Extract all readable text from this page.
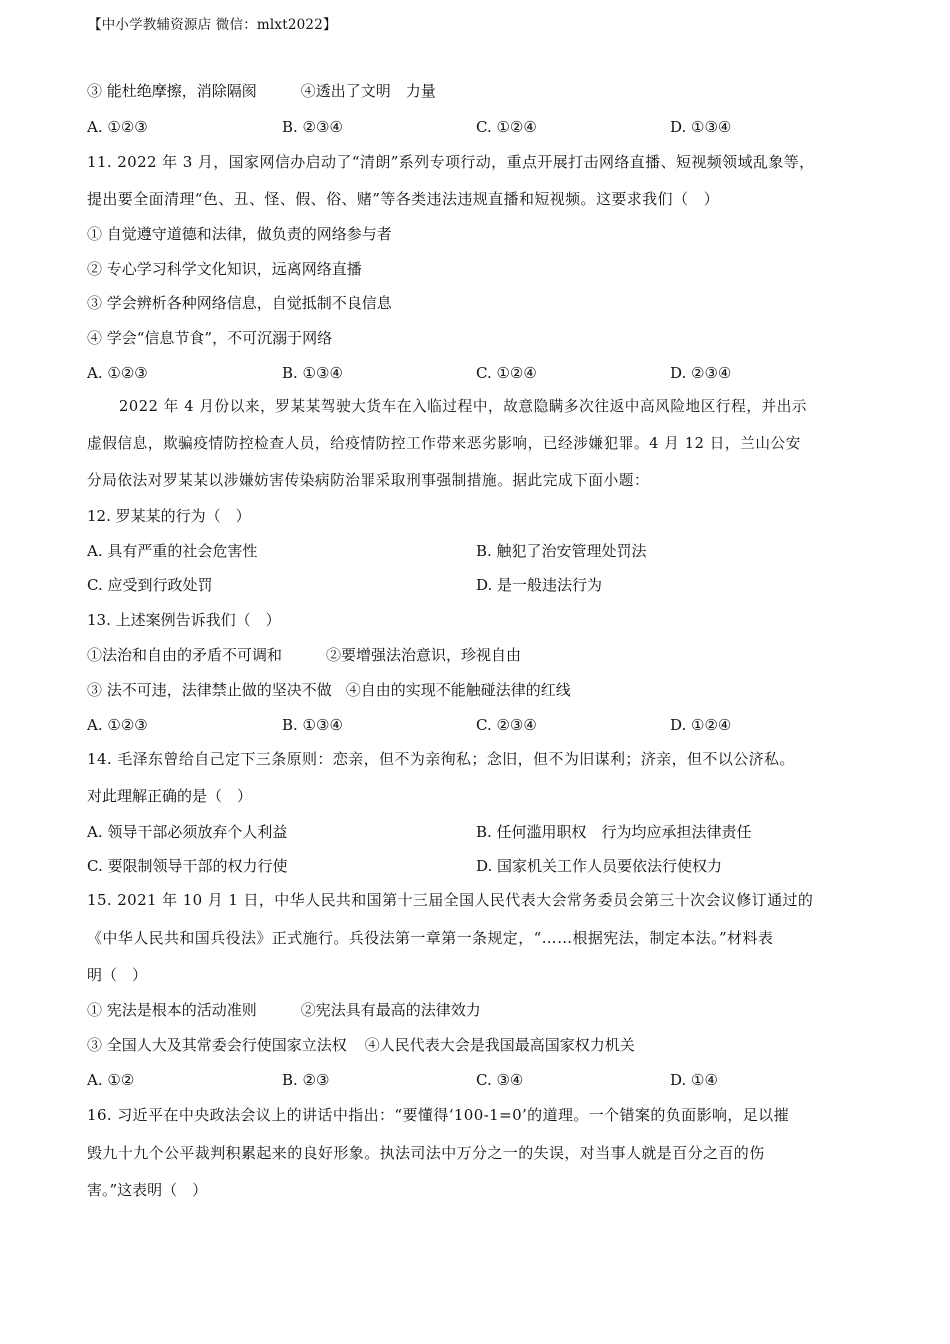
【中小学教辅资源店 微信：mlxt2022】
③ 能杜绝摩擦，消除隔阂	④透出了文明　力量
A. ①②③	B. ②③④	C. ①②④	D. ①③④
11. 2022 年 3 月，国家网信办启动了“清朗”系列专项行动，重点开展打击网络直播、短视频领域乱象等，
提出要全面清理“色、丑、怪、假、俗、赌”等各类违法违规直播和短视频。这要求我们（　）
① 自觉遵守道德和法律，做负责的网络参与者
② 专心学习科学文化知识，远离网络直播
③ 学会辨析各种网络信息，自觉抵制不良信息
④ 学会“信息节食”，不可沉溺于网络
A. ①②③	B. ①③④	C. ①②④	D. ②③④
2022 年 4 月份以来，罗某某驾驶大货车在入临过程中，故意隐瞒多次往返中高风险地区行程，并出示
虚假信息，欺骗疫情防控检查人员，给疫情防控工作带来恶劣影响，已经涉嫌犯罪。4 月 12 日，兰山公安
分局依法对罗某某以涉嫌妨害传染病防治罪采取刑事强制措施。据此完成下面小题：
12. 罗某某的行为（　）
A. 具有严重的社会危害性	B. 触犯了治安管理处罚法
C. 应受到行政处罚	D. 是一般违法行为
13. 上述案例告诉我们（　）
①法治和自由的矛盾不可调和	②要增强法治意识，珍视自由
③ 法不可违，法律禁止做的坚决不做 ④自由的实现不能触碰法律的红线
A. ①②③	B. ①③④	C. ②③④	D. ①②④
14. 毛泽东曾给自己定下三条原则：恋亲，但不为亲徇私；念旧，但不为旧谋利；济亲，但不以公济私。
对此理解正确的是（　）
A. 领导干部必须放弃个人利益	B. 任何滥用职权　行为均应承担法律责任
C. 要限制领导干部的权力行使	D. 国家机关工作人员要依法行使权力
15. 2021 年 10 月 1 日，中华人民共和国第十三届全国人民代表大会常务委员会第三十次会议修订通过的
《中华人民共和国兵役法》正式施行。兵役法第一章第一条规定，“……根据宪法，制定本法。”材料表
明（　）
① 宪法是根本的活动准则	②宪法具有最高的法律效力
③ 全国人大及其常委会行使国家立法权 ④人民代表大会是我国最高国家权力机关
A. ①②	B. ②③	C. ③④	D. ①④
16. 习近平在中央政法会议上的讲话中指出：“要懂得‘100-1=0’的道理。一个错案的负面影响，足以摧
毁九十九个公平裁判积累起来的良好形象。执法司法中万分之一的失误，对当事人就是百分之百的伤
害。”这表明（　）
